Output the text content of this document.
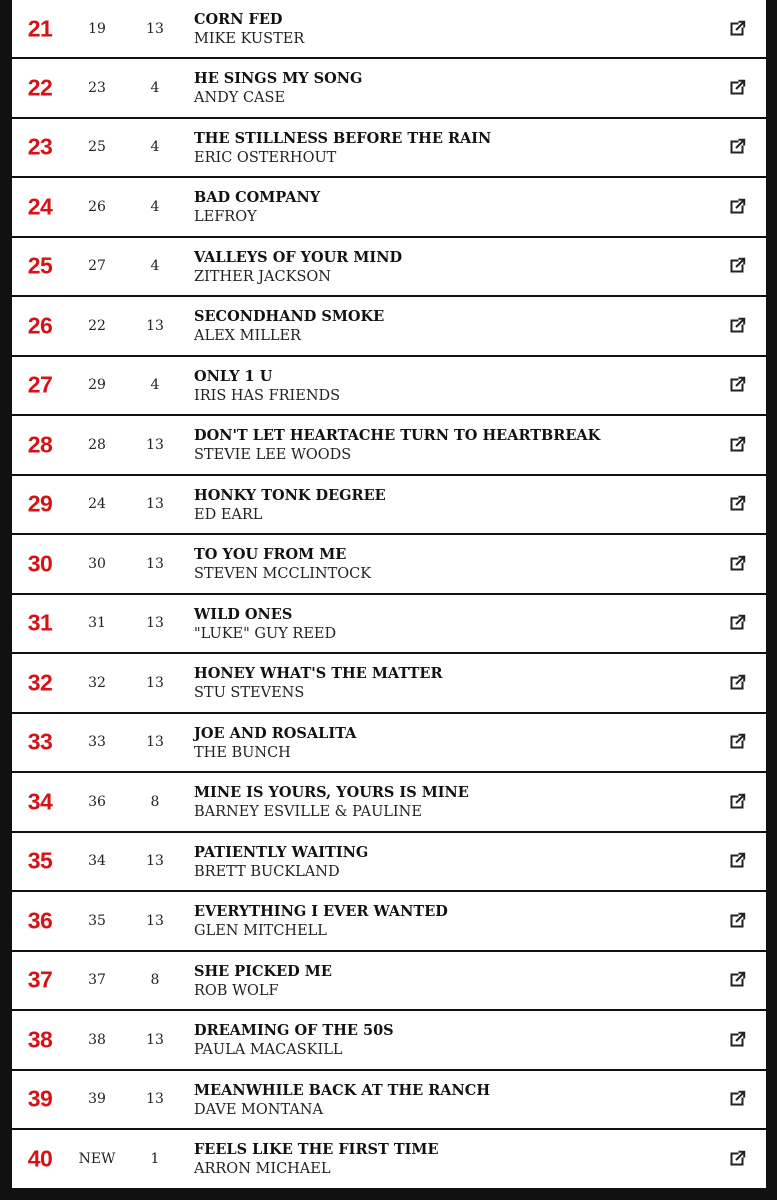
21	19	13
CORN FED
MIKE KUSTER
22	23	4
HE SINGS MY SONG
ANDY CASE
23	25	4
THE STILLNESS BEFORE THE RAIN
ERIC OSTERHOUT
24	26	4
BAD COMPANY
LEFROY
25	27	4
VALLEYS OF YOUR MIND
ZITHER JACKSON
26	22	13
SECONDHAND SMOKE
ALEX MILLER
27	29	4
ONLY 1 U
IRIS HAS FRIENDS
28	28	13
DON'T LET HEARTACHE TURN TO HEARTBREAK
STEVIE LEE WOODS
29	24	13
HONKY TONK DEGREE
ED EARL
30	30	13
TO YOU FROM ME
STEVEN MCCLINTOCK
31	31	13
WILD ONES
"LUKE" GUY REED
32	32	13
HONEY WHAT'S THE MATTER
STU STEVENS
33	33	13
JOE AND ROSALITA
THE BUNCH
34	36	8
MINE IS YOURS, YOURS IS MINE
BARNEY ESVILLE & PAULINE
35	34	13
PATIENTLY WAITING
BRETT BUCKLAND
36	35	13
EVERYTHING I EVER WANTED
GLEN MITCHELL
37	37	8
SHE PICKED ME
ROB WOLF
38	38	13
DREAMING OF THE 50S
PAULA MACASKILL
39	39	13
MEANWHILE BACK AT THE RANCH
DAVE MONTANA
40	NEW	1
FEELS LIKE THE FIRST TIME
ARRON MICHAEL
